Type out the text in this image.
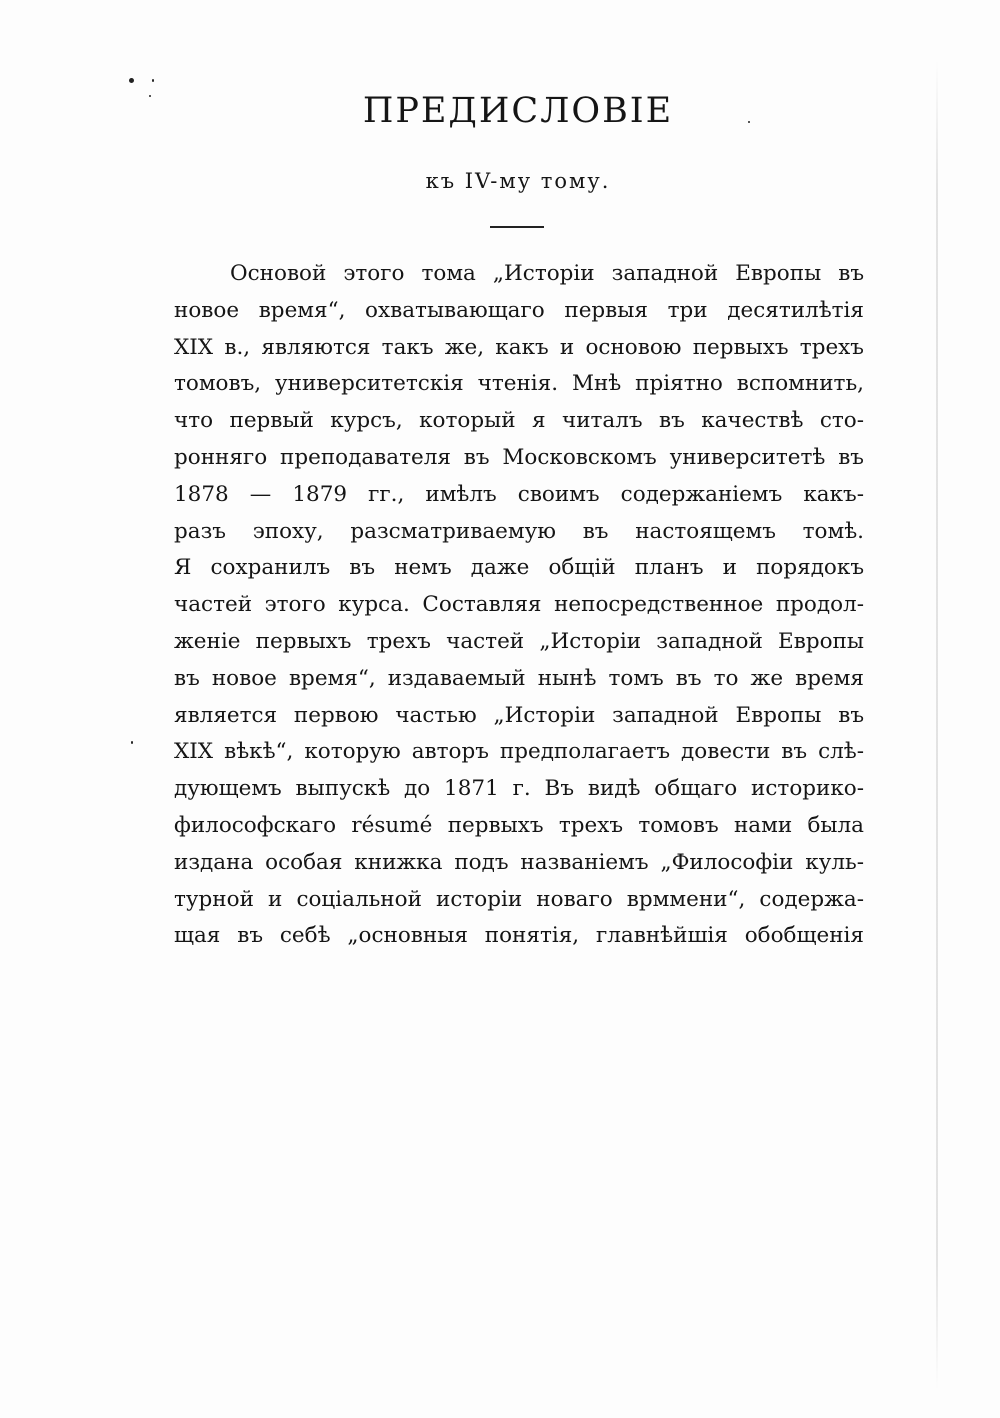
ПРЕДИСЛОВІЕ
къ IV-му тому.
Основой этого тома „Исторіи западной Европы въ
новое время“, охватывающаго первыя три десятилѣтія
XIX в., являются такъ же, какъ и основою первыхъ трехъ
томовъ, университетскія чтенія. Мнѣ пріятно вспомнить,
что первый курсъ, который я читалъ въ качествѣ сто-
ронняго преподавателя въ Московскомъ университетѣ въ
1878 — 1879 гг., имѣлъ своимъ содержаніемъ какъ-
разъ эпоху, разсматриваемую въ настоящемъ томѣ.
Я сохранилъ въ немъ даже общій планъ и порядокъ
частей этого курса. Составляя непосредственное продол-
женіе первыхъ трехъ частей „Исторіи западной Европы
въ новое время“, издаваемый нынѣ томъ въ то же время
является первою частью „Исторіи западной Европы въ
XIX вѣкѣ“, которую авторъ предполагаетъ довести въ слѣ-
дующемъ выпускѣ до 1871 г. Въ видѣ общаго историко-
философскаго résumé первыхъ трехъ томовъ нами была
издана особая книжка подъ названіемъ „Философіи куль-
турной и соціальной исторіи новаго врммени“, содержа-
щая въ себѣ „основныя понятія, главнѣйшія обобщенія
